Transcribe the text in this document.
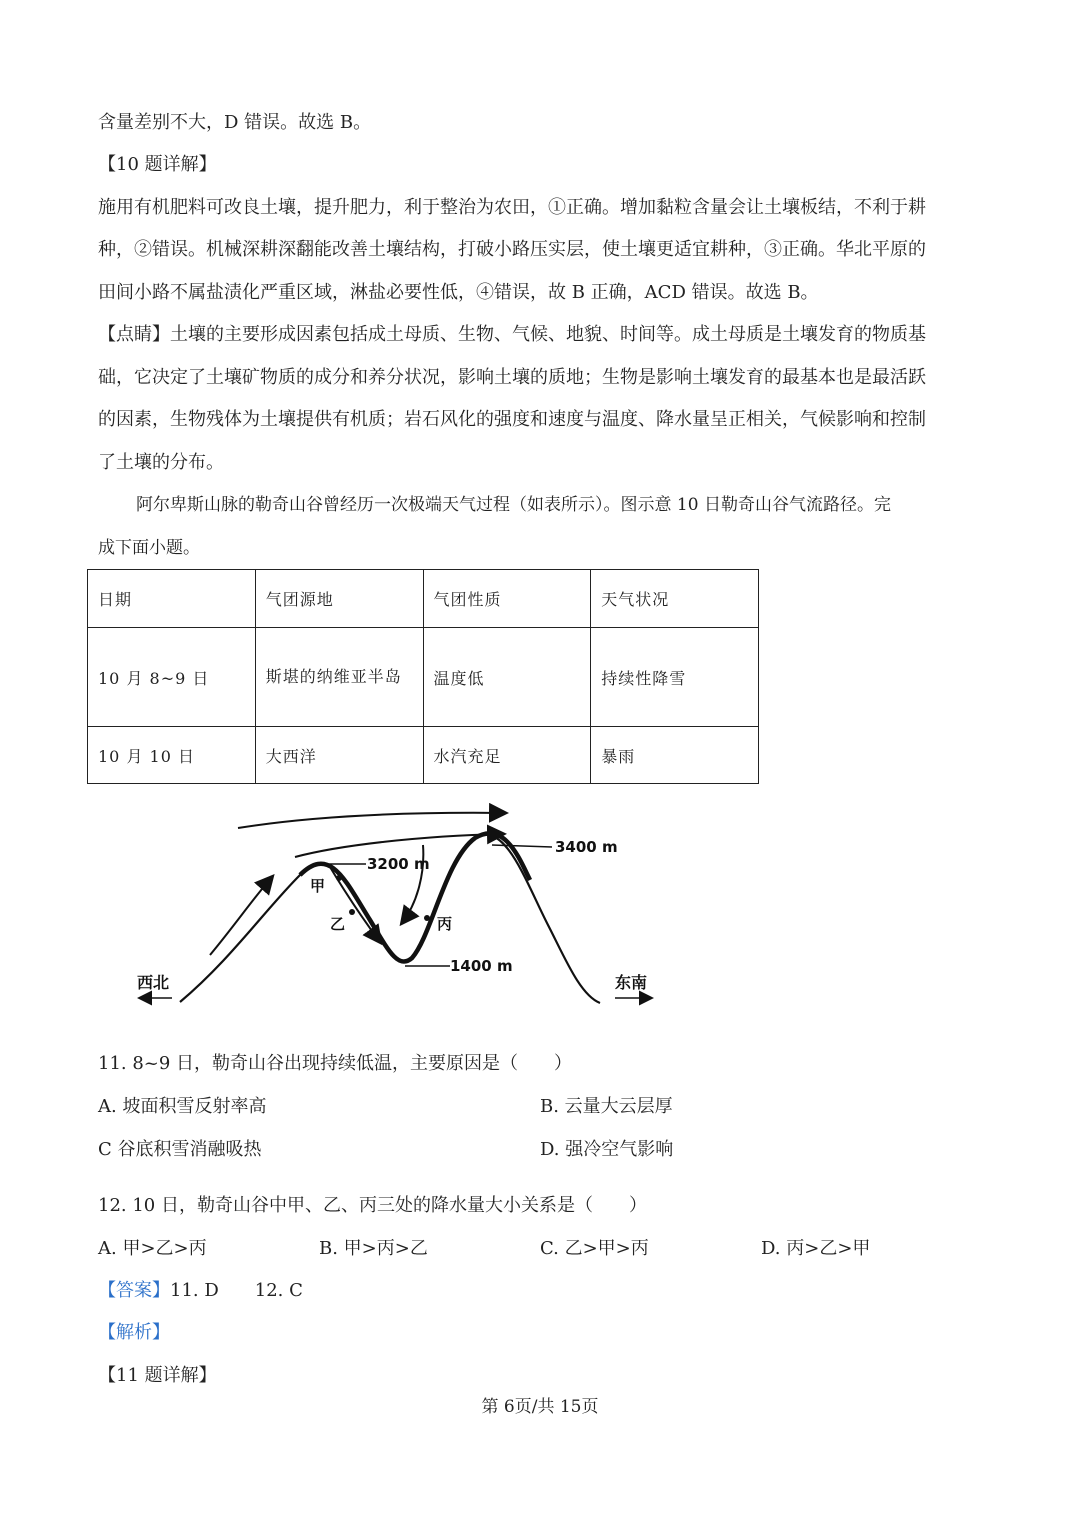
含量差别不大，D 错误。故选 B。

【10 题详解】

施用有机肥料可改良土壤，提升肥力，利于整治为农田，①正确。增加黏粒含量会让土壤板结，不利于耕

种，②错误。机械深耕深翻能改善土壤结构，打破小路压实层，使土壤更适宜耕种，③正确。华北平原的

田间小路不属盐渍化严重区域，淋盐必要性低，④错误，故 B 正确，ACD 错误。故选 B。

【点睛】土壤的主要形成因素包括成土母质、生物、气候、地貌、时间等。成土母质是土壤发育的物质基

础，它决定了土壤矿物质的成分和养分状况，影响土壤的质地；生物是影响土壤发育的最基本也是最活跃

的因素，生物残体为土壤提供有机质；岩石风化的强度和速度与温度、降水量呈正相关，气候影响和控制

了土壤的分布。

阿尔卑斯山脉的勒奇山谷曾经历一次极端天气过程（如表所示）。图示意 10 日勒奇山谷气流路径。完

成下面小题。

日期	气团源地	气团性质	天气状况
10 月 8~9 日	斯堪的纳维亚半岛	温度低	持续性降雪
10 月 10 日	大西洋	水汽充足	暴雨
3400 m
3200 m
1400 m
甲
乙	丙
西北	东南

11. 8~9 日，勒奇山谷出现持续低温，主要原因是（　　）

A. 坡面积雪反射率高	B. 云量大云层厚

C 谷底积雪消融吸热	D. 强冷空气影响

12. 10 日，勒奇山谷中甲、乙、丙三处的降水量大小关系是（　　）

A. 甲>乙>丙	B. 甲>丙>乙	C. 乙>甲>丙	D. 丙>乙>甲

【答案】11. D　　12. C

【解析】

【11 题详解】

第 6页/共 15页
